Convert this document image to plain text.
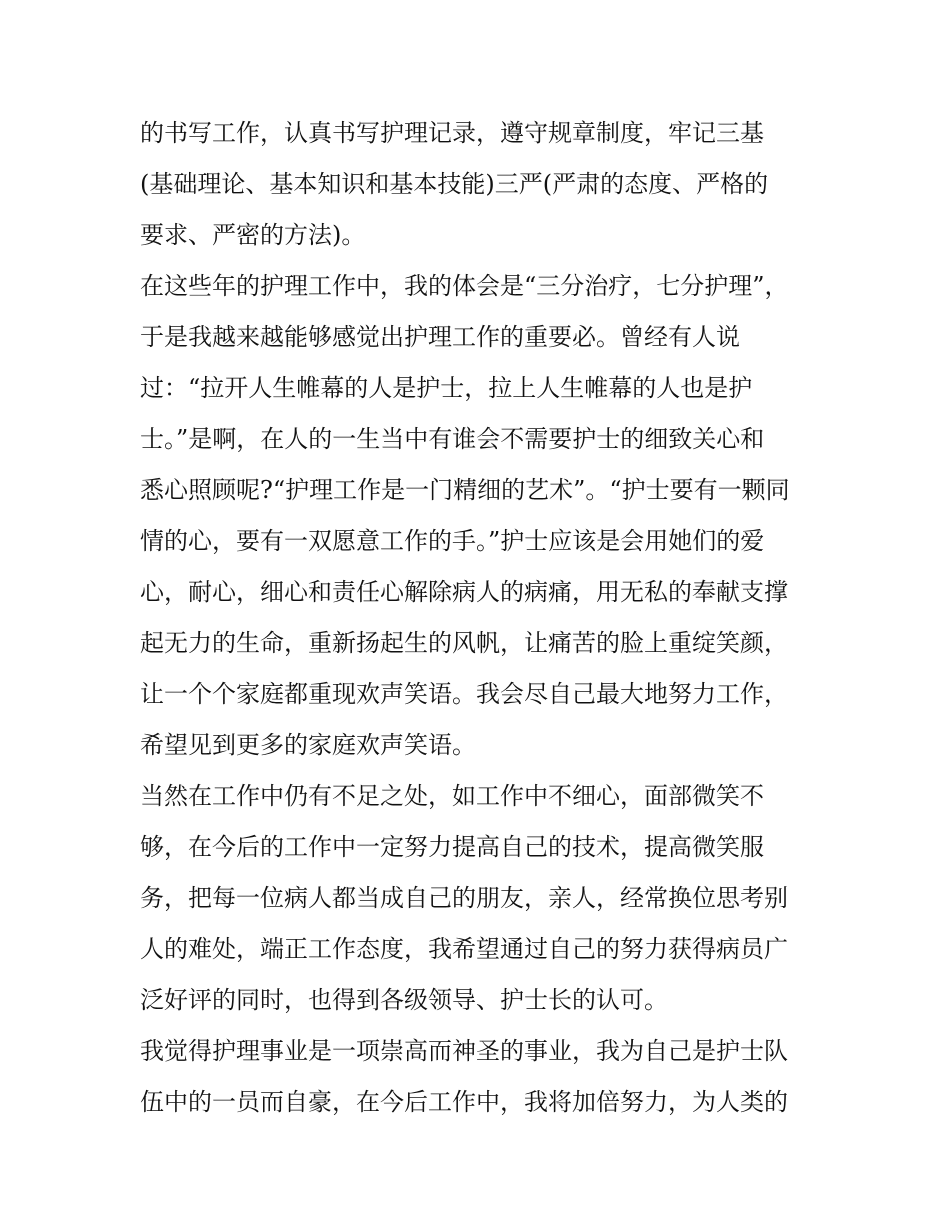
的书写工作，认真书写护理记录，遵守规章制度，牢记三基
(基础理论、基本知识和基本技能)三严(严肃的态度、严格的
要求、严密的方法)。
在这些年的护理工作中，我的体会是“三分治疗，七分护理”，
于是我越来越能够感觉出护理工作的重要必。曾经有人说
过：“拉开人生帷幕的人是护士，拉上人生帷幕的人也是护
士。”是啊，在人的一生当中有谁会不需要护士的细致关心和
悉心照顾呢?“护理工作是一门精细的艺术”。“护士要有一颗同
情的心，要有一双愿意工作的手。”护士应该是会用她们的爱
心，耐心，细心和责任心解除病人的病痛，用无私的奉献支撑
起无力的生命，重新扬起生的风帆，让痛苦的脸上重绽笑颜，
让一个个家庭都重现欢声笑语。我会尽自己最大地努力工作，
希望见到更多的家庭欢声笑语。
当然在工作中仍有不足之处，如工作中不细心，面部微笑不
够，在今后的工作中一定努力提高自己的技术，提高微笑服
务，把每一位病人都当成自己的朋友，亲人，经常换位思考别
人的难处，端正工作态度，我希望通过自己的努力获得病员广
泛好评的同时，也得到各级领导、护士长的认可。
我觉得护理事业是一项崇高而神圣的事业，我为自己是护士队
伍中的一员而自豪，在今后工作中，我将加倍努力，为人类的
